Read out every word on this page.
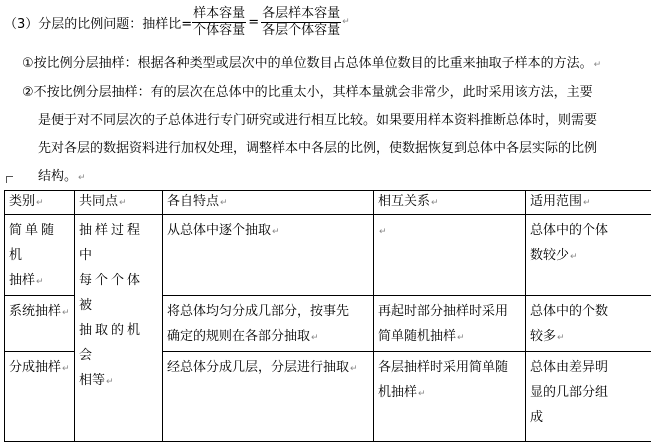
（3）分层的比例问题：抽样比= $\frac{\text{样本容量}}{\text{个体容量}} = \frac{\text{各层样本容量}}{\text{各层个体容量}}$ ↵
①按比例分层抽样：根据各种类型或层次中的单位数目占总体单位数目的比重来抽取子样本的方法。↵
②不按比例分层抽样：有的层次在总体中的比重太小，其样本量就会非常少，此时采用该方法，主要
是便于对不同层次的子总体进行专门研究或进行相互比较。如果要用样本资料推断总体时，则需要
先对各层的数据资料进行加权处理，调整样本中各层的比例，使数据恢复到总体中各层实际的比例
结构。↵
类别↵	共同点↵	各自特点↵	相互关系↵	适用范围↵
简单随机
抽样↵	抽样过程中
每个个体被
抽取的机会
相等↵	从总体中逐个抽取↵	↵	总体中的个体
数较少↵
系统抽样↵		将总体均匀分成几部分，按事先
确定的规则在各部分抽取↵	再起时部分抽样时采用
简单随机抽样↵	总体中的个数
较多↵
分成抽样↵		经总体分成几层，分层进行抽取↵	各层抽样时采用简单随
机抽样↵	总体由差异明
显的几部分组
成
